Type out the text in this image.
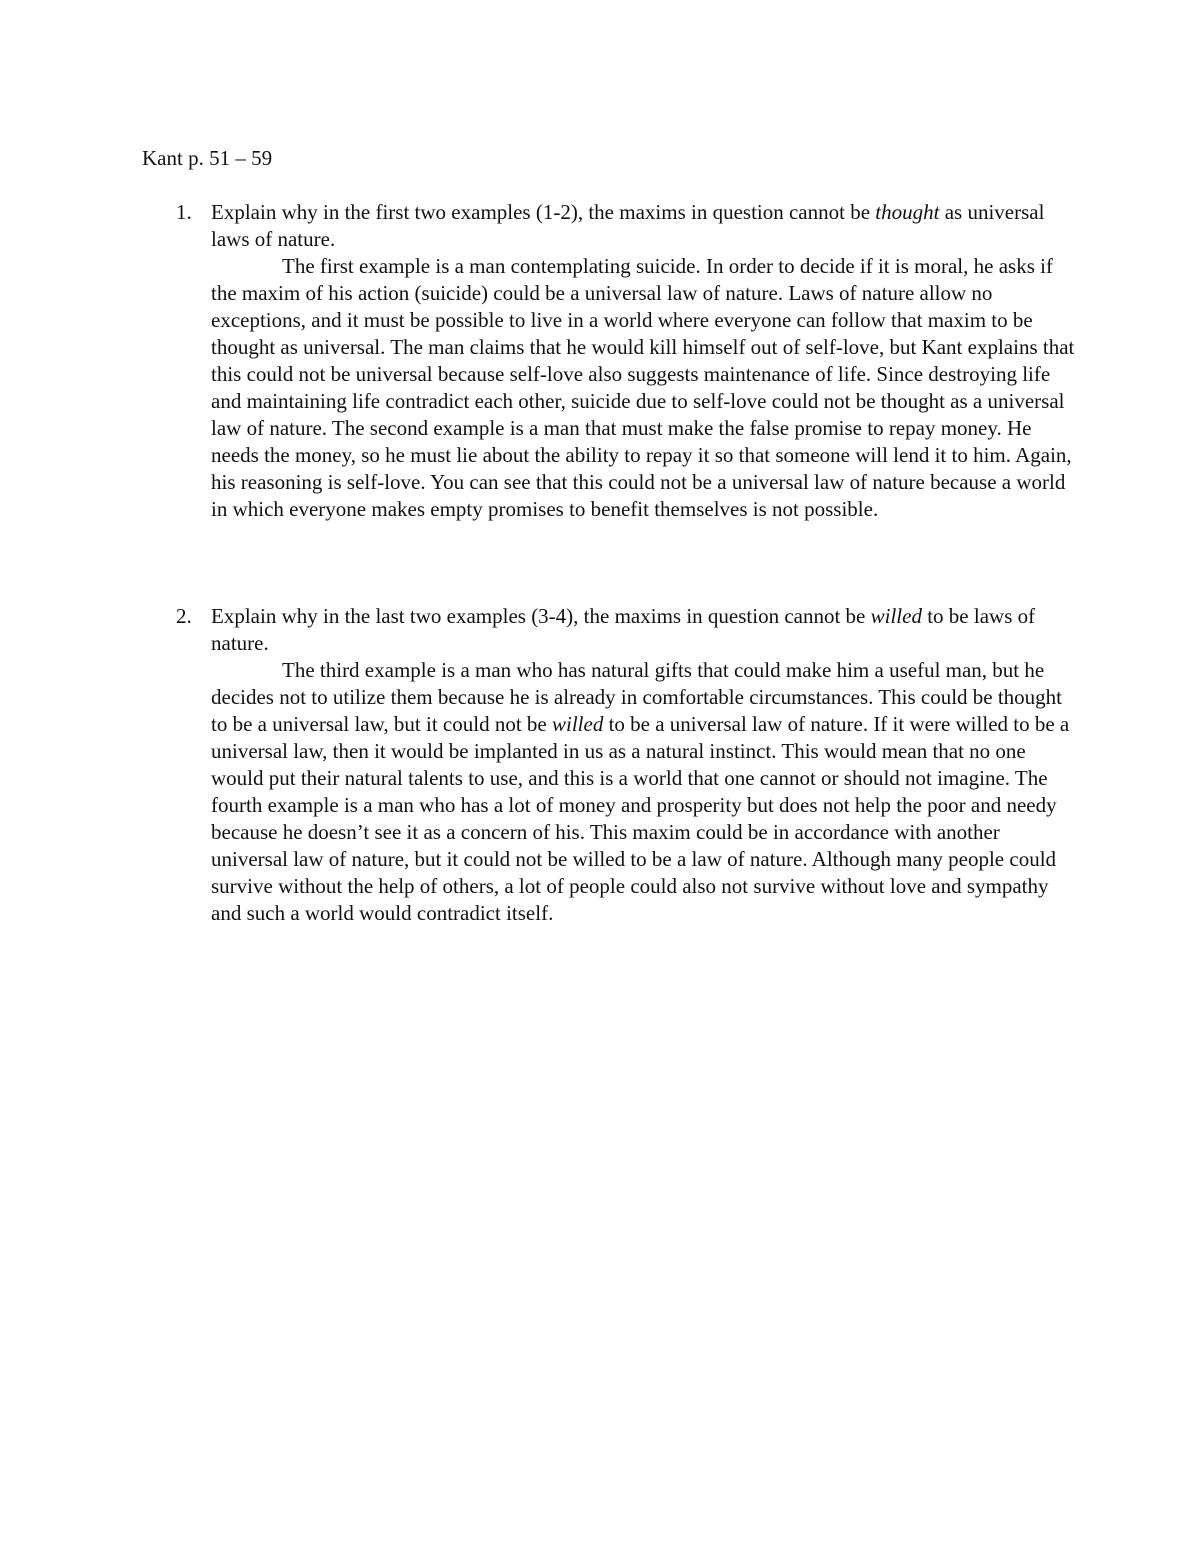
Kant p. 51 – 59
1. Explain why in the first two examples (1-2), the maxims in question cannot be thought as universal laws of nature.

The first example is a man contemplating suicide. In order to decide if it is moral, he asks if the maxim of his action (suicide) could be a universal law of nature. Laws of nature allow no exceptions, and it must be possible to live in a world where everyone can follow that maxim to be thought as universal. The man claims that he would kill himself out of self-love, but Kant explains that this could not be universal because self-love also suggests maintenance of life. Since destroying life and maintaining life contradict each other, suicide due to self-love could not be thought as a universal law of nature. The second example is a man that must make the false promise to repay money. He needs the money, so he must lie about the ability to repay it so that someone will lend it to him. Again, his reasoning is self-love. You can see that this could not be a universal law of nature because a world in which everyone makes empty promises to benefit themselves is not possible.

2. Explain why in the last two examples (3-4), the maxims in question cannot be willed to be laws of nature.

The third example is a man who has natural gifts that could make him a useful man, but he decides not to utilize them because he is already in comfortable circumstances. This could be thought to be a universal law, but it could not be willed to be a universal law of nature. If it were willed to be a universal law, then it would be implanted in us as a natural instinct. This would mean that no one would put their natural talents to use, and this is a world that one cannot or should not imagine. The fourth example is a man who has a lot of money and prosperity but does not help the poor and needy because he doesn’t see it as a concern of his. This maxim could be in accordance with another universal law of nature, but it could not be willed to be a law of nature. Although many people could survive without the help of others, a lot of people could also not survive without love and sympathy and such a world would contradict itself.
